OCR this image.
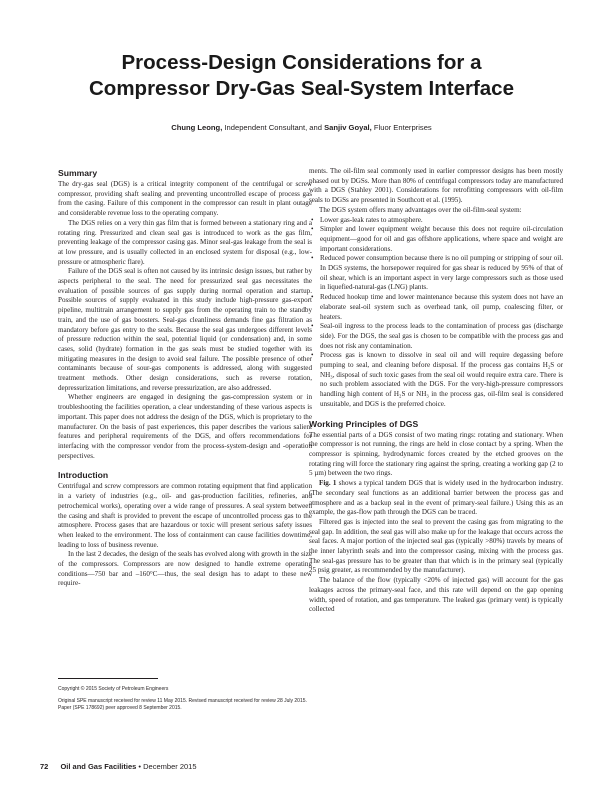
Process-Design Considerations for a
Compressor Dry-Gas Seal-System Interface
Chung Leong, Independent Consultant, and Sanjiv Goyal, Fluor Enterprises
Summary

The dry-gas seal (DGS) is a critical integrity component of the centrifugal or screw compressor, providing shaft sealing and preventing uncontrolled escape of process gas from the casing. Failure of this component in the compressor can result in plant outage and considerable revenue loss to the operating company.

The DGS relies on a very thin gas film that is formed between a stationary ring and a rotating ring. Pressurized and clean seal gas is introduced to work as the gas film, preventing leakage of the compressor casing gas. Minor seal-gas leakage from the seal is at low pressure, and is usually collected in an enclosed system for disposal (e.g., low-pressure or atmospheric flare).

Failure of the DGS seal is often not caused by its intrinsic design issues, but rather by aspects peripheral to the seal. The need for pressurized seal gas necessitates the evaluation of possible sources of gas supply during normal operation and startup. Possible sources of supply evaluated in this study include high-pressure gas-export pipeline, multitrain arrangement to supply gas from the operating train to the standby train, and the use of gas boosters. Seal-gas cleanliness demands fine gas filtration as mandatory before gas entry to the seals. Because the seal gas undergoes different levels of pressure reduction within the seal, potential liquid (or condensation) and, in some cases, solid (hydrate) formation in the gas seals must be studied together with its mitigating measures in the design to avoid seal failure. The possible presence of other contaminants because of sour-gas components is addressed, along with suggested treatment methods. Other design considerations, such as reverse rotation, depressurization limitations, and reverse pressurization, are also addressed.

Whether engineers are engaged in designing the gas-compression system or in troubleshooting the facilities operation, a clear understanding of these various aspects is important. This paper does not address the design of the DGS, which is proprietary to the manufacturer. On the basis of past experiences, this paper describes the various salient features and peripheral requirements of the DGS, and offers recommendations for interfacing with the compressor vendor from the process-system-design and -operation perspectives.

Introduction

Centrifugal and screw compressors are common rotating equipment that find application in a variety of industries (e.g., oil- and gas-production facilities, refineries, and petrochemical works), operating over a wide range of pressures. A seal system between the casing and shaft is provided to prevent the escape of uncontrolled process gas to the atmosphere. Process gases that are hazardous or toxic will present serious safety issues when leaked to the environment. The loss of containment can cause facilities downtime, leading to loss of business revenue.

In the last 2 decades, the design of the seals has evolved along with growth in the size of the compressors. Compressors are now designed to handle extreme operating conditions—750 bar and –160°C—thus, the seal design has to adapt to these new require-

Copyright © 2015 Society of Petroleum Engineers

Original SPE manuscript received for review 11 May 2015. Revised manuscript received for review 28 July 2015. Paper (SPE 178692) peer approved 8 September 2015.

ments. The oil-film seal commonly used in earlier compressor designs has been mostly phased out by DGSs. More than 80% of centrifugal compressors today are manufactured with a DGS (Stahley 2001). Considerations for retrofitting compressors with oil-film seals to DGSs are presented in Southcott et al. (1995).

The DGS system offers many advantages over the oil-film-seal system:

• Lower gas-leak rates to atmosphere.
• Simpler and lower equipment weight because this does not require oil-circulation equipment—good for oil and gas offshore applications, where space and weight are important considerations.
• Reduced power consumption because there is no oil pumping or stripping of sour oil. In DGS systems, the horsepower required for gas shear is reduced by 95% of that of oil shear, which is an important aspect in very large compressors such as those used in liquefied-natural-gas (LNG) plants.
• Reduced hookup time and lower maintenance because this system does not have an elaborate seal-oil system such as overhead tank, oil pump, coalescing filter, or heaters.
• Seal-oil ingress to the process leads to the contamination of process gas (discharge side). For the DGS, the seal gas is chosen to be compatible with the process gas and does not risk any contamination.
• Process gas is known to dissolve in seal oil and will require degassing before pumping to seal, and cleaning before disposal. If the process gas contains H₂S or NH₃, disposal of such toxic gases from the seal oil would require extra care. There is no such problem associated with the DGS. For the very-high-pressure compressors handling high content of H₂S or NH₃ in the process gas, oil-film seal is considered unsuitable, and DGS is the preferred choice.
Working Principles of DGS

The essential parts of a DGS consist of two mating rings: rotating and stationary. When the compressor is not running, the rings are held in close contact by a spring. When the compressor is spinning, hydrodynamic forces created by the etched grooves on the rotating ring will force the stationary ring against the spring, creating a working gap (2 to 5 µm) between the two rings.

Fig. 1 shows a typical tandem DGS that is widely used in the hydrocarbon industry. (The secondary seal functions as an additional barrier between the process gas and atmosphere and as a backup seal in the event of primary-seal failure.) Using this as an example, the gas-flow path through the DGS can be traced.

Filtered gas is injected into the seal to prevent the casing gas from migrating to the seal gap. In addition, the seal gas will also make up for the leakage that occurs across the seal faces. A major portion of the injected seal gas (typically >80%) travels by means of the inner labyrinth seals and into the compressor casing, mixing with the process gas. The seal-gas pressure has to be greater than that which is in the primary seal (typically 25 psig greater, as recommended by the manufacturer).

The balance of the flow (typically <20% of injected gas) will account for the gas leakages across the primary-seal face, and this rate will depend on the gap opening width, speed of rotation, and gas temperature. The leaked gas (primary vent) is typically collected

72 Oil and Gas Facilities • December 2015
